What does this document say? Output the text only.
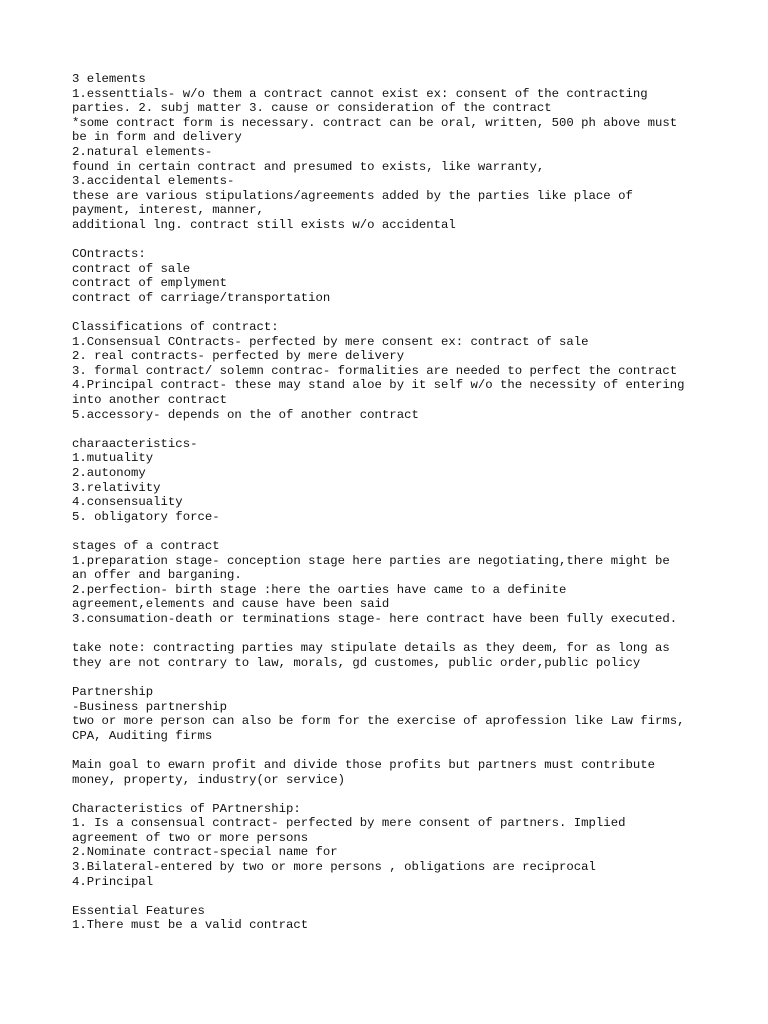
3 elements
1.essenttials- w/o them a contract cannot exist ex: consent of the contracting
parties. 2. subj matter 3. cause or consideration of the contract
*some contract form is necessary. contract can be oral, written, 500 ph above must
be in form and delivery
2.natural elements-
found in certain contract and presumed to exists, like warranty,
3.accidental elements-
these are various stipulations/agreements added by the parties like place of
payment, interest, manner,
additional lng. contract still exists w/o accidental
COntracts:
contract of sale
contract of emplyment
contract of carriage/transportation
Classifications of contract:
1.Consensual COntracts- perfected by mere consent ex: contract of sale
2. real contracts- perfected by mere delivery
3. formal contract/ solemn contrac- formalities are needed to perfect the contract
4.Principal contract- these may stand aloe by it self w/o the necessity of entering
into another contract
5.accessory- depends on the of another contract
charaacteristics-
1.mutuality
2.autonomy
3.relativity
4.consensuality
5. obligatory force-
stages of a contract
1.preparation stage- conception stage here parties are negotiating,there might be
an offer and barganing.
2.perfection- birth stage :here the oarties have came to a definite
agreement,elements and cause have been said
3.consumation-death or terminations stage- here contract have been fully executed.
take note: contracting parties may stipulate details as they deem, for as long as
they are not contrary to law, morals, gd customes, public order,public policy
Partnership
-Business partnership
two or more person can also be form for the exercise of aprofession like Law firms,
CPA, Auditing firms
Main goal to ewarn profit and divide those profits but partners must contribute
money, property, industry(or service)
Characteristics of PArtnership:
1. Is a consensual contract- perfected by mere consent of partners. Implied
agreement of two or more persons
2.Nominate contract-special name for
3.Bilateral-entered by two or more persons , obligations are reciprocal
4.Principal
Essential Features
1.There must be a valid contract
